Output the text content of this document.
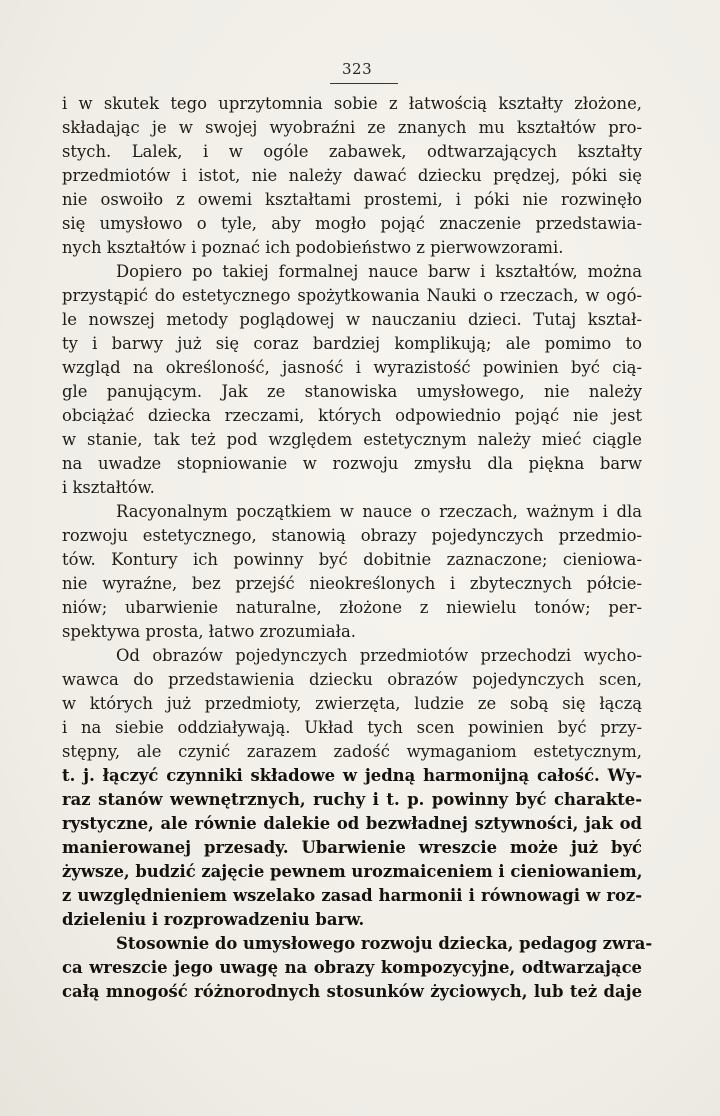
323
i w skutek tego uprzytomnia sobie z łatwością kształty złożone,
składając je w swojej wyobraźni ze znanych mu kształtów pro-
stych. Lalek, i w ogóle zabawek, odtwarzających kształty
przedmiotów i istot, nie należy dawać dziecku prędzej, póki się
nie oswoiło z owemi kształtami prostemi, i póki nie rozwinęło
się umysłowo o tyle, aby mogło pojąć znaczenie przedstawia-
nych kształtów i poznać ich podobieństwo z pierwowzorami.
Dopiero po takiej formalnej nauce barw i kształtów, można
przystąpić do estetycznego spożytkowania Nauki o rzeczach, w ogó-
le nowszej metody poglądowej w nauczaniu dzieci. Tutaj kształ-
ty i barwy już się coraz bardziej komplikują; ale pomimo to
wzgląd na określoność, jasność i wyrazistość powinien być cią-
gle panującym. Jak ze stanowiska umysłowego, nie należy
obciążać dziecka rzeczami, których odpowiednio pojąć nie jest
w stanie, tak też pod względem estetycznym należy mieć ciągle
na uwadze stopniowanie w rozwoju zmysłu dla piękna barw
i kształtów.
Racyonalnym początkiem w nauce o rzeczach, ważnym i dla
rozwoju estetycznego, stanowią obrazy pojedynczych przedmio-
tów. Kontury ich powinny być dobitnie zaznaczone; cieniowa-
nie wyraźne, bez przejść nieokreślonych i zbytecznych półcie-
niów; ubarwienie naturalne, złożone z niewielu tonów; per-
spektywa prosta, łatwo zrozumiała.
Od obrazów pojedynczych przedmiotów przechodzi wycho-
wawca do przedstawienia dziecku obrazów pojedynczych scen,
w których już przedmioty, zwierzęta, ludzie ze sobą się łączą
i na siebie oddziaływają. Układ tych scen powinien być przy-
stępny, ale czynić zarazem zadość wymaganiom estetycznym,
t. j. łączyć czynniki składowe w jedną harmonijną całość. Wy-
raz stanów wewnętrznych, ruchy i t. p. powinny być charakte-
rystyczne, ale równie dalekie od bezwładnej sztywności, jak od
manierowanej przesady. Ubarwienie wreszcie może już być
żywsze, budzić zajęcie pewnem urozmaiceniem i cieniowaniem,
z uwzględnieniem wszelako zasad harmonii i równowagi w roz-
dzieleniu i rozprowadzeniu barw.
Stosownie do umysłowego rozwoju dziecka, pedagog zwra-
ca wreszcie jego uwagę na obrazy kompozycyjne, odtwarzające
całą mnogość różnorodnych stosunków życiowych, lub też daje
